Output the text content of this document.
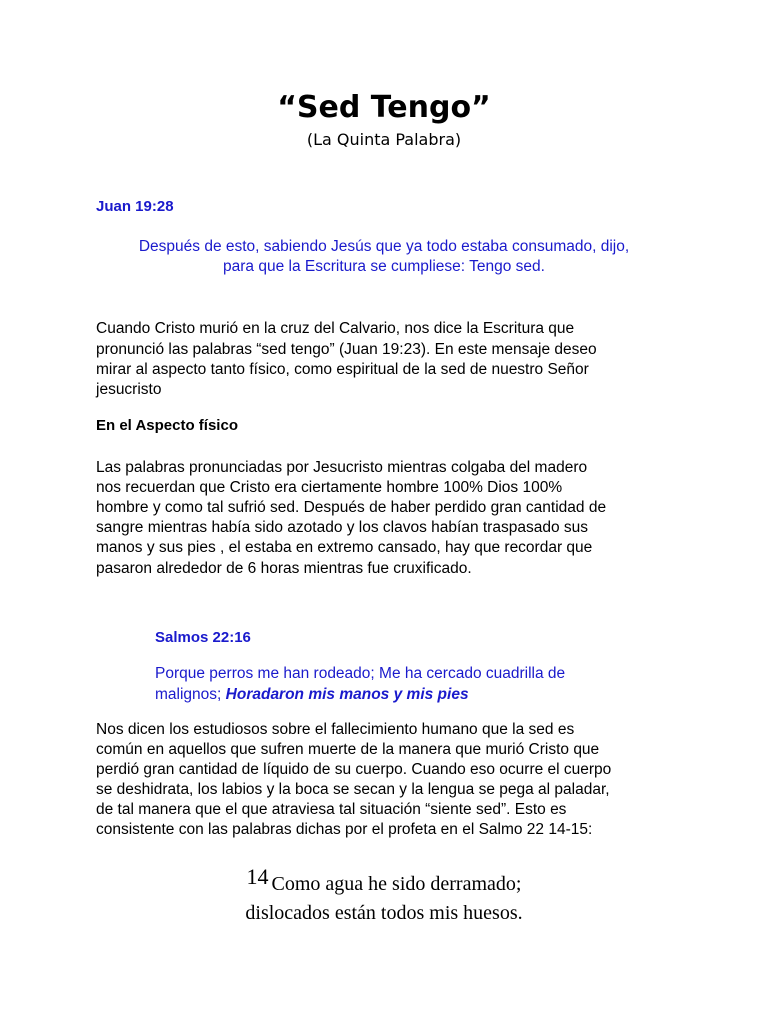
“Sed Tengo”
(La Quinta Palabra)
Juan 19:28
Después de esto, sabiendo Jesús que ya todo estaba consumado, dijo,
para que la Escritura se cumpliese: Tengo sed.
Cuando Cristo murió en la cruz del Calvario, nos dice la Escritura que
pronunció las palabras “sed tengo” (Juan 19:23). En este mensaje deseo
mirar al aspecto tanto físico, como espiritual de la sed de nuestro Señor
jesucristo
En el Aspecto físico
Las palabras pronunciadas por Jesucristo mientras colgaba del madero
nos recuerdan que Cristo era ciertamente hombre 100% Dios 100%
hombre y como tal sufrió sed. Después de haber perdido gran cantidad de
sangre mientras había sido azotado y los clavos habían traspasado sus
manos y sus pies , el estaba en extremo cansado, hay que recordar que
pasaron alrededor de 6 horas mientras fue cruxificado.
Salmos 22:16
Porque perros me han rodeado; Me ha cercado cuadrilla de
malignos; Horadaron mis manos y mis pies
Nos dicen los estudiosos sobre el fallecimiento humano que la sed es
común en aquellos que sufren muerte de la manera que murió Cristo que
perdió gran cantidad de líquido de su cuerpo. Cuando eso ocurre el cuerpo
se deshidrata, los labios y la boca se secan y la lengua se pega al paladar,
de tal manera que el que atraviesa tal situación “siente sed”. Esto es
consistente con las palabras dichas por el profeta en el Salmo 22 14-15:
14 Como agua he sido derramado;
dislocados están todos mis huesos.
